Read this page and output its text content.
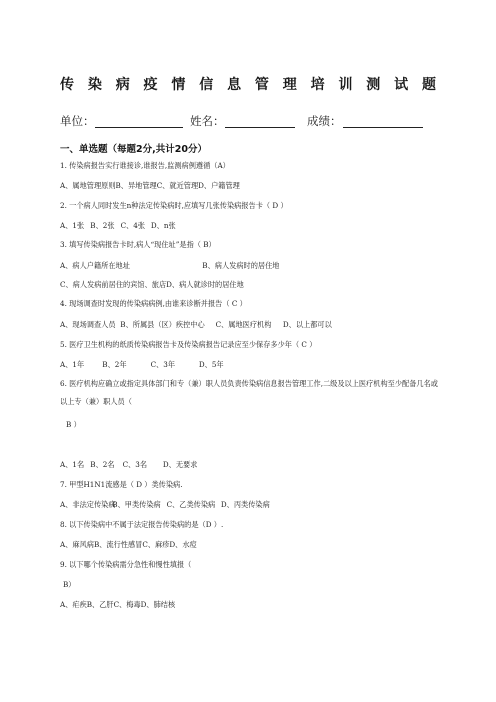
传 染 病 疫 情 信 息 管 理 培 训 测 试 题
单位：	姓名：	成绩：
一、单选题（每题2分,共计20分）
1. 传染病报告实行谁接诊,谁报告,监测病例遵循（A）
A、属地管理原则B、异地管理C、就近管理D、户籍管理
2. 一个病人同时发生n种法定传染病时,应填写几张传染病报告卡（ D ）
A、1张 B、2张 C、4张 D、n张
3. 填写传染病报告卡时,病人“现住址”是指（ B）
A、病人户籍所在地址	B、病人发病时的居住地
C、病人发病前居住的宾馆、旅店D、病人就诊时的居住地
4. 现场调查时发现的传染病病例,由谁来诊断并报告（ C ）
A、现场调查人员 B、所属县（区）疾控中心 C、属地医疗机构 D、以上都可以
5. 医疗卫生机构的纸质传染病报告卡及传染病报告记录应至少保存多少年（ C ）
A、1年	B、2年	C、3年	D、5年
6. 医疗机构应确立或指定具体部门和专（兼）职人员负责传染病信息报告管理工作,二级及以上医疗机构至少配备几名或以上专（兼）职人员（
B ）
A、1名 B、2名 C、3名 D、无要求
7. 甲型H1N1流感是（ D ）类传染病.
A、非法定传染病 B、甲类传染病 C、乙类传染病 D、丙类传染病
8. 以下传染病中不属于法定报告传染病的是（D ）.
A、麻风病B、流行性感冒C、麻疹D、水痘
9. 以下哪个传染病需分急性和慢性填报（
B）
A、疟疾B、乙肝C、梅毒D、肺结核
